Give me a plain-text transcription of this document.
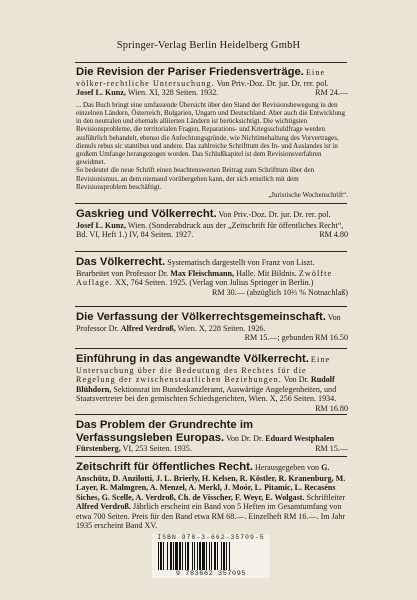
Springer-Verlag Berlin Heidelberg GmbH
Die Revision der Pariser Friedensverträge. Eine völker-rechtliche Untersuchung. Von Priv.-Doz. Dr. jur. Dr. rer. pol. Josef L. Kunz, Wien. XI, 328 Seiten. 1932.	RM 24.—
... Das Buch bringt eine umfassende Übersicht über den Stand der Revisionsbewegung in den einzelnen Ländern, Österreich, Bulgarien, Ungarn und Deutschland. Aber auch die Entwicklung in den neutralen und ehemals alliierten Ländern ist berücksichtigt. Die wichtigsten Revisionsprobleme, die territorialen Fragen, Reparations- und Kriegsschuldfrage werden ausführlich behandelt, ebenso die Anfechtungsgründe, wie Nichtimehaltung des Vorvertrages, dienuls rebus sic stantibus und andere. Das zahlreiche Schrifttum des In- und Auslandes ist in großem Umfange herangezogen worden. Das Schlußkapitel ist dem Revisionsverfahren gewidmet.
So bedeutet die neue Schrift einen beachtenswerten Beitrag zum Schrifttum über den Revisionismus, an dem niemand vorübergehen kann, der sich ernstlich mit dem Revisionsproblem beschäftigt.
„Juristische Wochenschrift“.
Gaskrieg und Völkerrecht. Von Priv.-Doz. Dr. jur. Dr. rer. pol. Josef L. Kunz, Wien. (Sonderabdruck aus der „Zeitschrift für öffentliches Recht“, Bd. VI, Heft 1.) IV, 84 Seiten. 1927.	RM 4.80
Das Völkerrecht. Systematisch dargestellt von Franz von Liszt. Bearbeitet von Professor Dr. Max Fleischmann, Halle. Mit Bildnis. Zwölfte Auflage. XX, 764 Seiten. 1925. (Verlag von Julius Springer in Berlin.)
RM 30.— (abzüglich 10⅔ % Notnachlaß)
Die Verfassung der Völkerrechtsgemeinschaft. Von Professor Dr. Alfred Verdroß, Wien. X, 228 Seiten. 1926.
RM 15.—; gebunden RM 16.50
Einführung in das angewandte Völkerrecht. Eine Untersuchung über die Bedeutung des Rechtes für die Regelung der zwischenstaatlichen Beziehungen. Von Dr. Rudolf Blühdorn, Sektionsrat im Bundeskanzleramt, Auswärtige Angelegenheiten, und Staatsvertreter bei den gemischten Schiedsgerichten, Wien. X, 256 Seiten. 1934.
RM 16.80
Das Problem der Grundrechte im Verfassungsleben Europas. Von Dr. Dr. Eduard Westphalen Fürstenberg, VI, 253 Seiten. 1935.	RM 15.—
Zeitschrift für öffentliches Recht. Herausgegeben von G. Anschütz, D. Anzilotti, J. L. Brierly, H. Kelsen, R. Köstler, R. Kranenburg, M. Layer, R. Malmgren, A. Menzel, A. Merkl, J. Moór, L. Pitamic, L. Recaséns Siches, G. Scelle, A. Verdroß, Ch. de Visscher, F. Weyr, E. Wolgast. Schriftleiter Alfred Verdroß. Jährlich erscheint ein Band von 5 Heften im Gesamtumfang von etwa 700 Seiten. Preis für den Band etwa RM 68.—. Einzelheft RM 16.—. Im Jahr 1935 erscheint Band XV.
ISBN 978-3-662-35709-5
9 783662 357095
